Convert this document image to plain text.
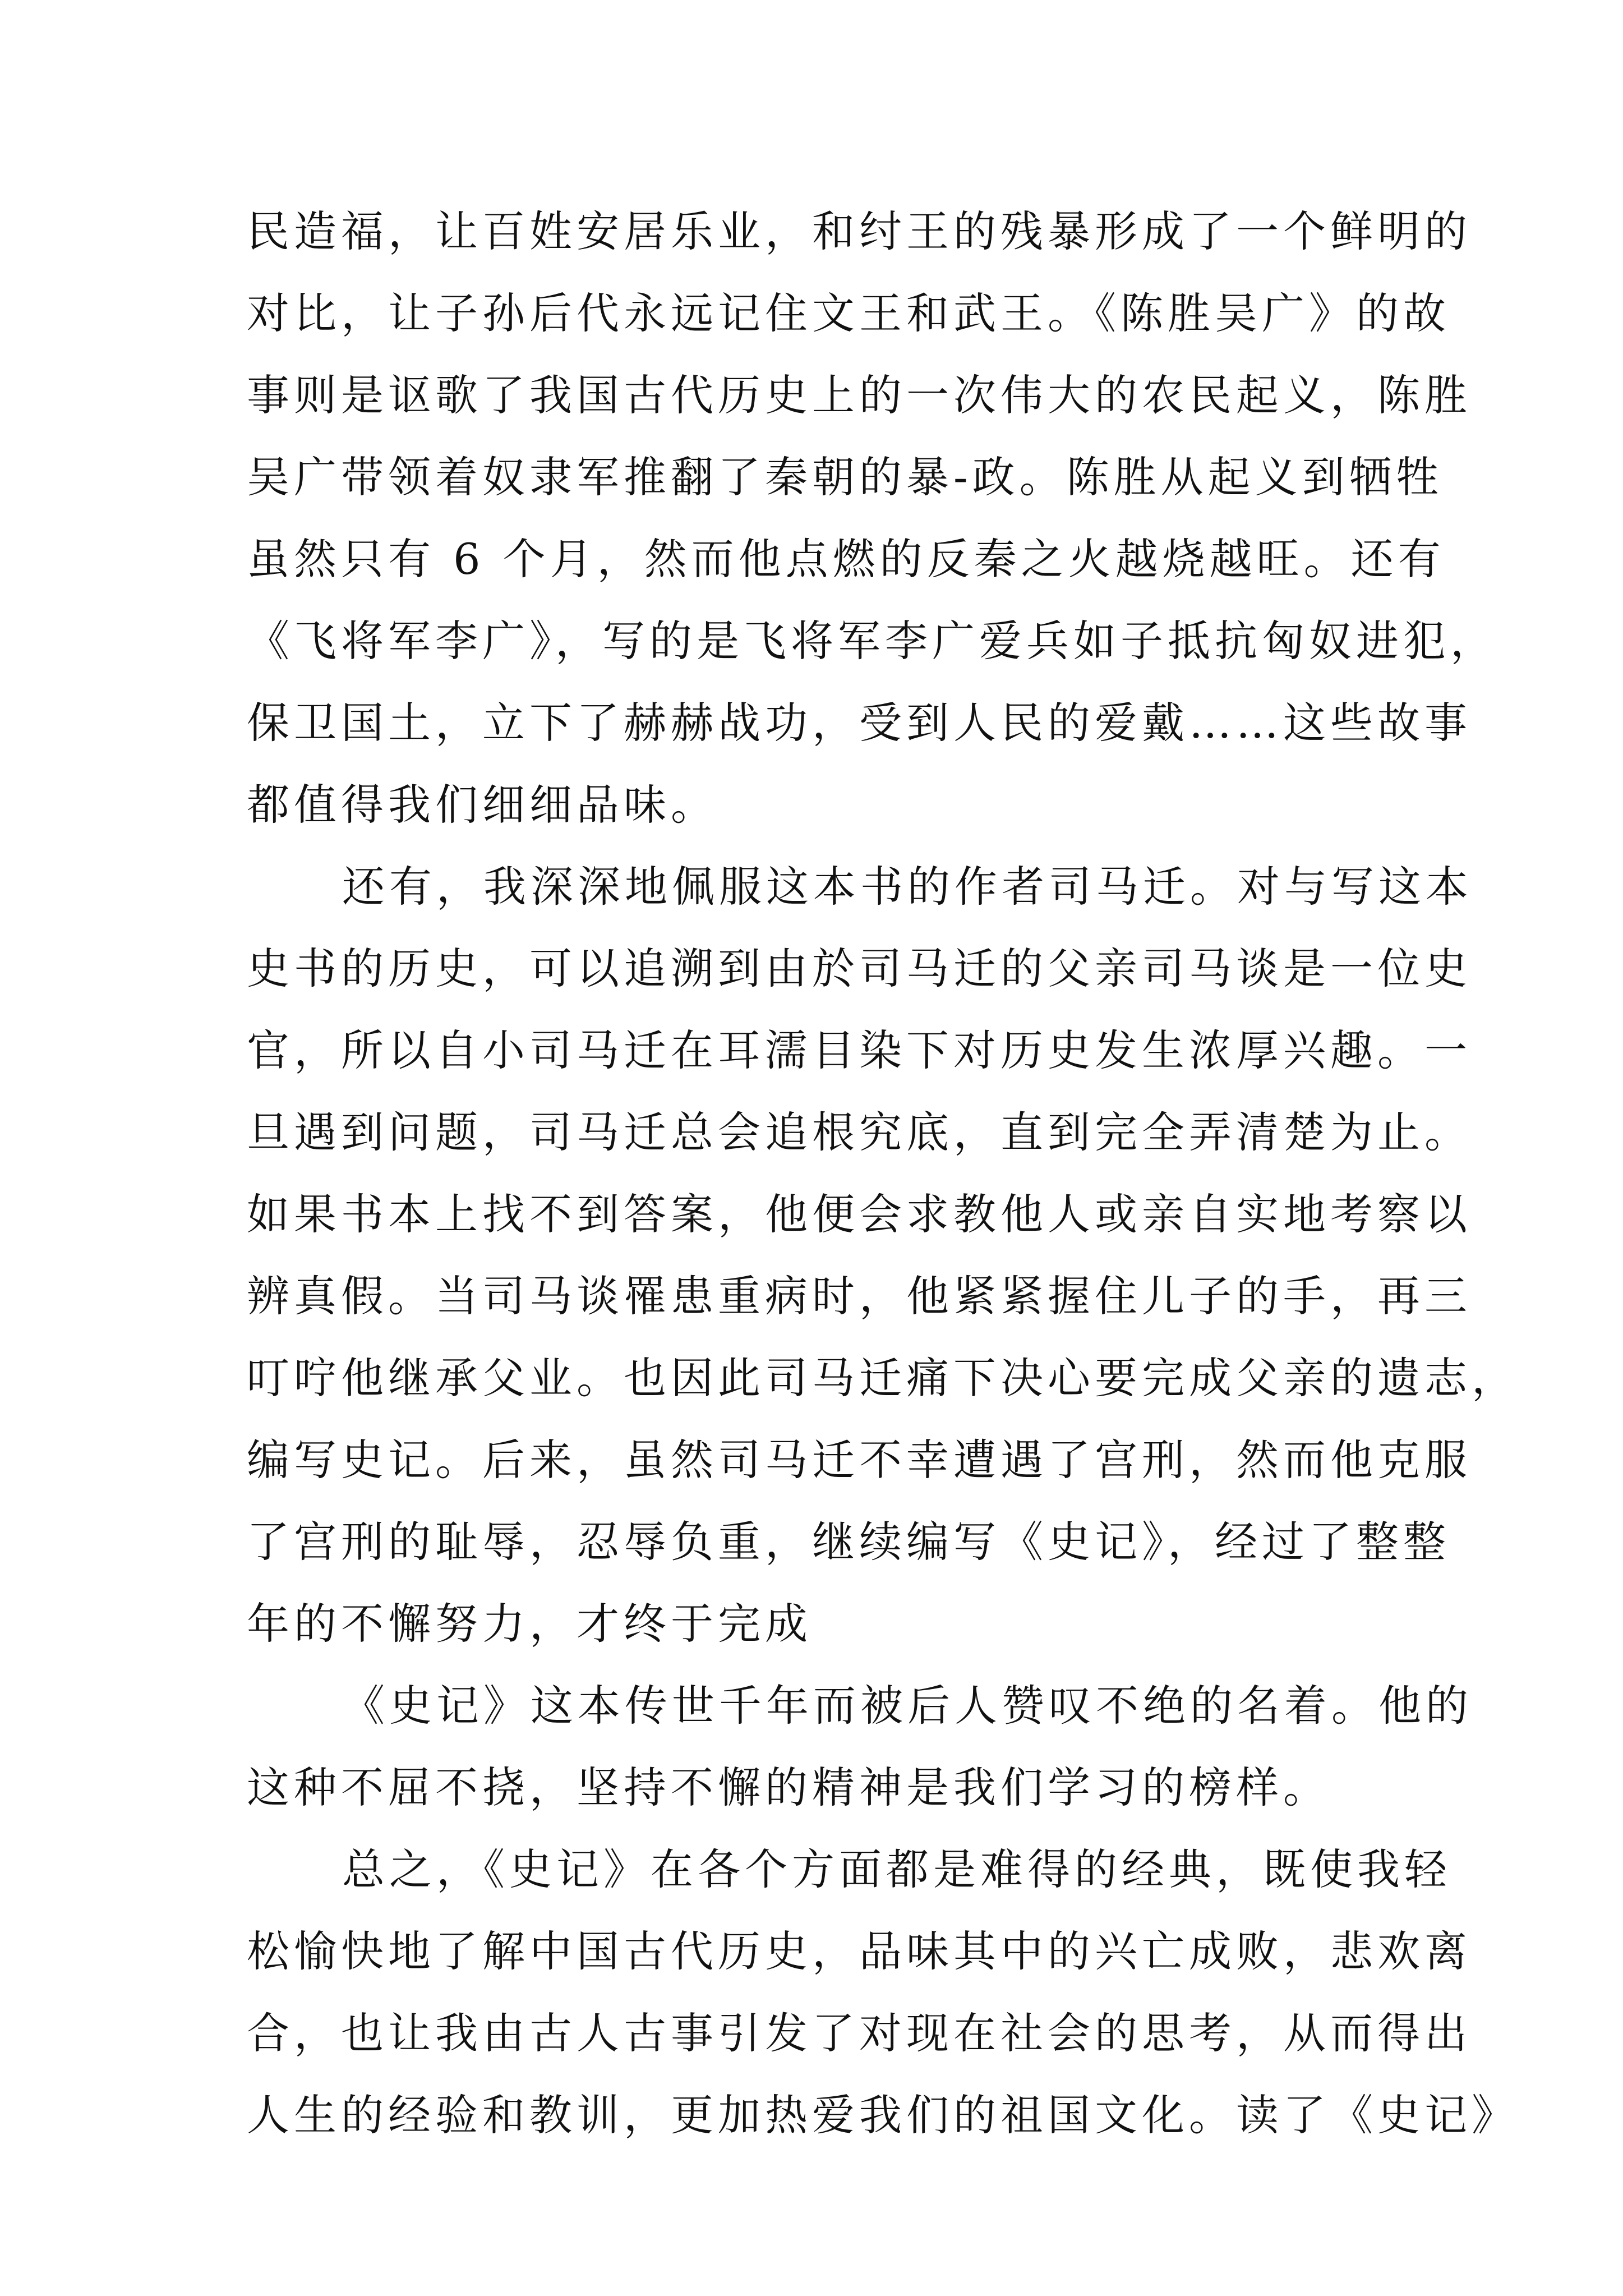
民造福，让百姓安居乐业，和纣王的残暴形成了一个鲜明的
对比，让子孙后代永远记住文王和武王。《陈胜吴广》的故
事则是讴歌了我国古代历史上的一次伟大的农民起义，陈胜
吴广带领着奴隶军推翻了秦朝的暴-政。陈胜从起义到牺牲
虽然只有 6 个月，然而他点燃的反秦之火越烧越旺。还有
《飞将军李广》，写的是飞将军李广爱兵如子抵抗匈奴进犯，
保卫国土，立下了赫赫战功，受到人民的爱戴……这些故事
都值得我们细细品味。
还有，我深深地佩服这本书的作者司马迁。对与写这本
史书的历史，可以追溯到由於司马迁的父亲司马谈是一位史
官，所以自小司马迁在耳濡目染下对历史发生浓厚兴趣。一
旦遇到问题，司马迁总会追根究底，直到完全弄清楚为止。
如果书本上找不到答案，他便会求教他人或亲自实地考察以
辨真假。当司马谈罹患重病时，他紧紧握住儿子的手，再三
叮咛他继承父业。也因此司马迁痛下决心要完成父亲的遗志，
编写史记。后来，虽然司马迁不幸遭遇了宫刑，然而他克服
了宫刑的耻辱，忍辱负重，继续编写《史记》，经过了整整
年的不懈努力，才终于完成
《史记》这本传世千年而被后人赞叹不绝的名着。他的
这种不屈不挠，坚持不懈的精神是我们学习的榜样。
总之，《史记》在各个方面都是难得的经典，既使我轻
松愉快地了解中国古代历史，品味其中的兴亡成败，悲欢离
合，也让我由古人古事引发了对现在社会的思考，从而得出
人生的经验和教训，更加热爱我们的祖国文化。读了《史记》
